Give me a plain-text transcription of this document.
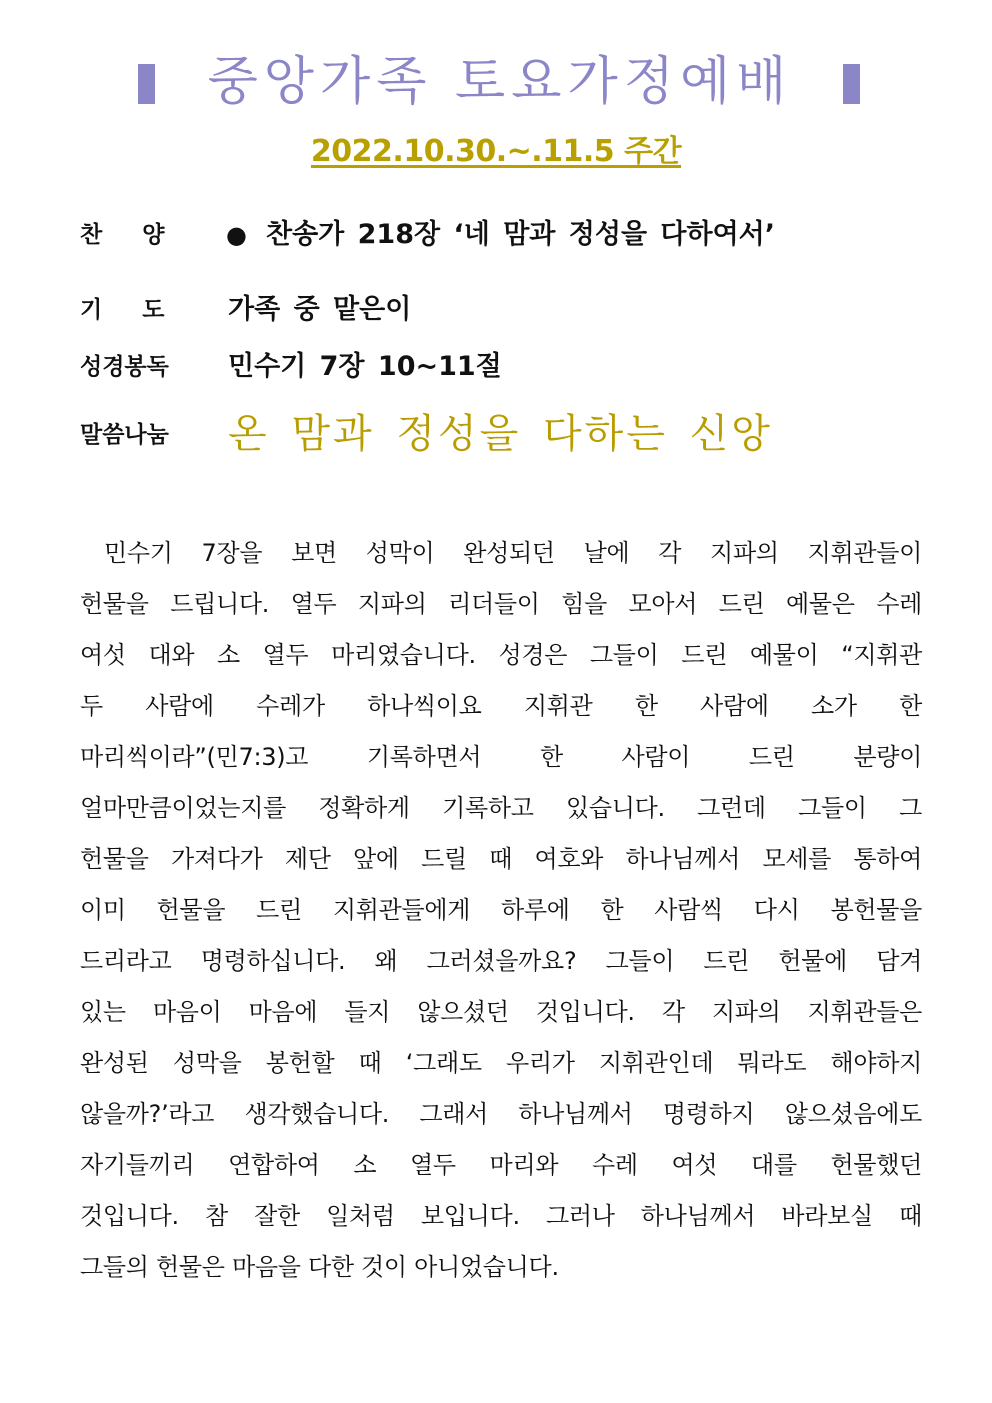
중앙가족 토요가정예배
2022.10.30.~.11.5 주간
찬양 ● 찬송가 218장 ‘네 맘과 정성을 다하여서’
기도 가족 중 맡은이
성경봉독	민수기 7장 10~11절
말씀나눔	온 맘과 정성을 다하는 신앙
민수기 7장을 보면 성막이 완성되던 날에 각 지파의 지휘관들이
헌물을 드립니다. 열두 지파의 리더들이 힘을 모아서 드린 예물은 수레
여섯 대와 소 열두 마리였습니다. 성경은 그들이 드린 예물이 “지휘관
두 사람에 수레가 하나씩이요 지휘관 한 사람에 소가 한
마리씩이라”(민7:3)고 기록하면서 한 사람이 드린 분량이
얼마만큼이었는지를 정확하게 기록하고 있습니다. 그런데 그들이 그
헌물을 가져다가 제단 앞에 드릴 때 여호와 하나님께서 모세를 통하여
이미 헌물을 드린 지휘관들에게 하루에 한 사람씩 다시 봉헌물을
드리라고 명령하십니다. 왜 그러셨을까요? 그들이 드린 헌물에 담겨
있는 마음이 마음에 들지 않으셨던 것입니다. 각 지파의 지휘관들은
완성된 성막을 봉헌할 때 ‘그래도 우리가 지휘관인데 뭐라도 해야하지
않을까?’라고 생각했습니다. 그래서 하나님께서 명령하지 않으셨음에도
자기들끼리 연합하여 소 열두 마리와 수레 여섯 대를 헌물했던
것입니다. 참 잘한 일처럼 보입니다. 그러나 하나님께서 바라보실 때
그들의 헌물은 마음을 다한 것이 아니었습니다.
